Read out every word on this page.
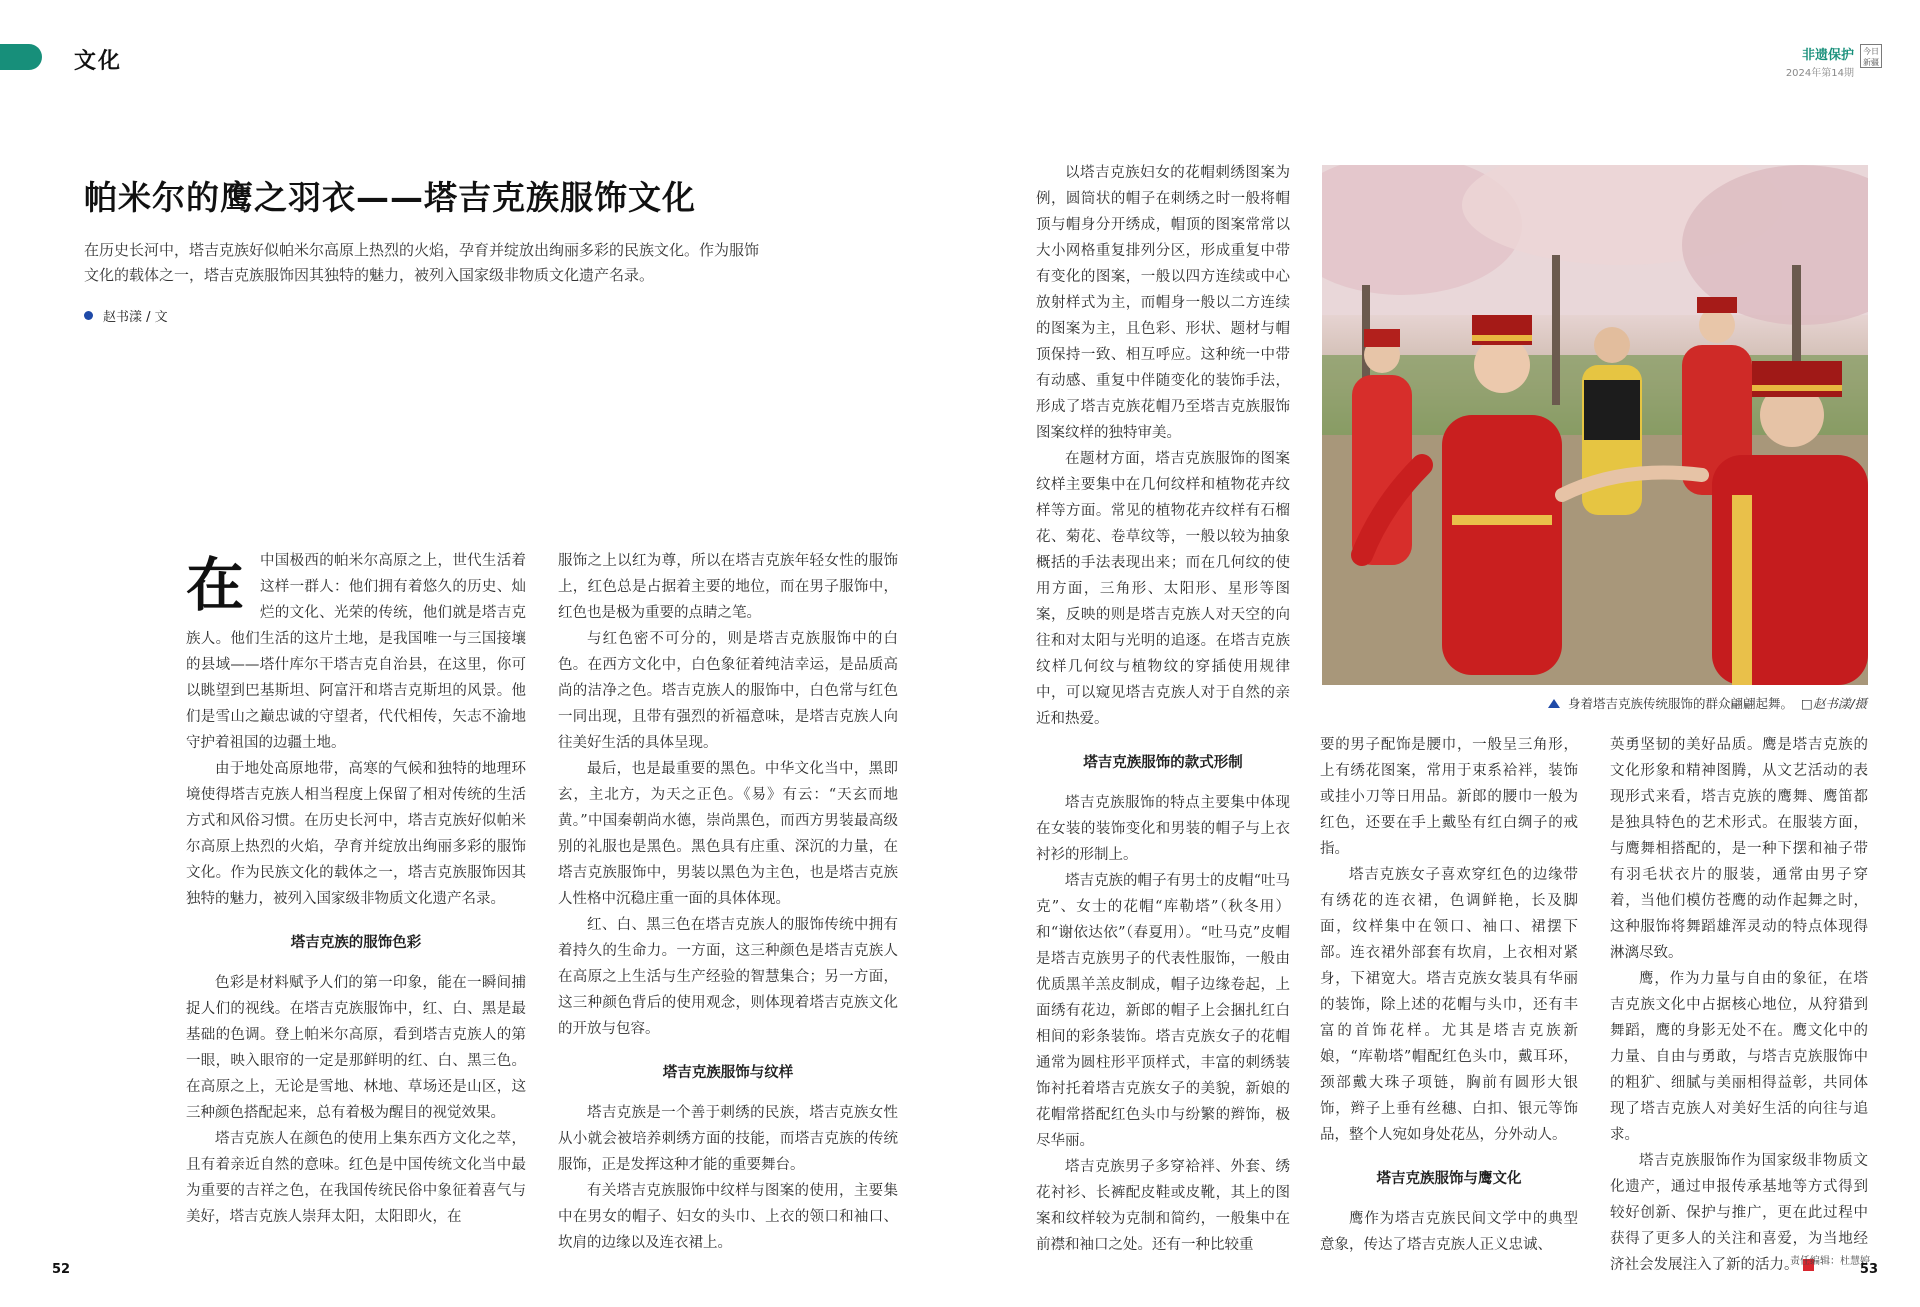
文化	非遗保护
2024年第14期
今日新疆
帕米尔的鹰之羽衣——塔吉克族服饰文化
在历史长河中，塔吉克族好似帕米尔高原上热烈的火焰，孕育并绽放出绚丽多彩的民族文化。作为服饰文化的载体之一，塔吉克族服饰因其独特的魅力，被列入国家级非物质文化遗产名录。
赵书漾 / 文
在	中国极西的帕米尔高原之上，世代生活着这样一群人：他们拥有着悠久的历史、灿烂的文化、光荣的传统，他们就是塔吉克族人。他们生活的这片土地，是我国唯一与三国接壤的县域——塔什库尔干塔吉克自治县，在这里，你可以眺望到巴基斯坦、阿富汗和塔吉克斯坦的风景。他们是雪山之巅忠诚的守望者，代代相传，矢志不渝地守护着祖国的边疆土地。

由于地处高原地带，高寒的气候和独特的地理环境使得塔吉克族人相当程度上保留了相对传统的生活方式和风俗习惯。在历史长河中，塔吉克族好似帕米尔高原上热烈的火焰，孕育并绽放出绚丽多彩的服饰文化。作为民族文化的载体之一，塔吉克族服饰因其独特的魅力，被列入国家级非物质文化遗产名录。

塔吉克族的服饰色彩

色彩是材料赋予人们的第一印象，能在一瞬间捕捉人们的视线。在塔吉克族服饰中，红、白、黑是最基础的色调。登上帕米尔高原，看到塔吉克族人的第一眼，映入眼帘的一定是那鲜明的红、白、黑三色。在高原之上，无论是雪地、林地、草场还是山区，这三种颜色搭配起来，总有着极为醒目的视觉效果。

塔吉克族人在颜色的使用上集东西方文化之萃，且有着亲近自然的意味。红色是中国传统文化当中最为重要的吉祥之色，在我国传统民俗中象征着喜气与美好，塔吉克族人崇拜太阳，太阳即火，在

服饰之上以红为尊，所以在塔吉克族年轻女性的服饰上，红色总是占据着主要的地位，而在男子服饰中，红色也是极为重要的点睛之笔。

与红色密不可分的，则是塔吉克族服饰中的白色。在西方文化中，白色象征着纯洁幸运，是品质高尚的洁净之色。塔吉克族人的服饰中，白色常与红色一同出现，且带有强烈的祈福意味，是塔吉克族人向往美好生活的具体呈现。

最后，也是最重要的黑色。中华文化当中，黑即玄，主北方，为天之正色。《易》有云：“天玄而地黄。”中国秦朝尚水德，崇尚黑色，而西方男装最高级别的礼服也是黑色。黑色具有庄重、深沉的力量，在塔吉克族服饰中，男装以黑色为主色，也是塔吉克族人性格中沉稳庄重一面的具体体现。

红、白、黑三色在塔吉克族人的服饰传统中拥有着持久的生命力。一方面，这三种颜色是塔吉克族人在高原之上生活与生产经验的智慧集合；另一方面，这三种颜色背后的使用观念，则体现着塔吉克族文化的开放与包容。

塔吉克族服饰与纹样

塔吉克族是一个善于刺绣的民族，塔吉克族女性从小就会被培养刺绣方面的技能，而塔吉克族的传统服饰，正是发挥这种才能的重要舞台。

有关塔吉克族服饰中纹样与图案的使用，主要集中在男女的帽子、妇女的头巾、上衣的领口和袖口、坎肩的边缘以及连衣裙上。

以塔吉克族妇女的花帽刺绣图案为例，圆筒状的帽子在刺绣之时一般将帽顶与帽身分开绣成，帽顶的图案常常以大小网格重复排列分区，形成重复中带有变化的图案，一般以四方连续或中心放射样式为主，而帽身一般以二方连续的图案为主，且色彩、形状、题材与帽顶保持一致、相互呼应。这种统一中带有动感、重复中伴随变化的装饰手法，形成了塔吉克族花帽乃至塔吉克族服饰图案纹样的独特审美。

在题材方面，塔吉克族服饰的图案纹样主要集中在几何纹样和植物花卉纹样等方面。常见的植物花卉纹样有石榴花、菊花、卷草纹等，一般以较为抽象概括的手法表现出来；而在几何纹的使用方面，三角形、太阳形、星形等图案，反映的则是塔吉克族人对天空的向往和对太阳与光明的追逐。在塔吉克族纹样几何纹与植物纹的穿插使用规律中，可以窥见塔吉克族人对于自然的亲近和热爱。

塔吉克族服饰的款式形制

塔吉克族服饰的特点主要集中体现在女装的装饰变化和男装的帽子与上衣衬衫的形制上。

塔吉克族的帽子有男士的皮帽“吐马克”、女士的花帽“库勒塔”（秋冬用）和“谢依达依”（春夏用）。“吐马克”皮帽是塔吉克族男子的代表性服饰，一般由优质黑羊羔皮制成，帽子边缘卷起，上面绣有花边，新郎的帽子上会捆扎红白相间的彩条装饰。塔吉克族女子的花帽通常为圆柱形平顶样式，丰富的刺绣装饰衬托着塔吉克族女子的美貌，新娘的花帽常搭配红色头巾与纷繁的辫饰，极尽华丽。

塔吉克族男子多穿袷袢、外套、绣花衬衫、长裤配皮鞋或皮靴，其上的图案和纹样较为克制和简约，一般集中在前襟和袖口之处。还有一种比较重

身着塔吉克族传统服饰的群众翩翩起舞。 □赵书漾/摄

要的男子配饰是腰巾，一般呈三角形，上有绣花图案，常用于束系袷袢，装饰或挂小刀等日用品。新郎的腰巾一般为红色，还要在手上戴坠有红白绸子的戒指。

塔吉克族女子喜欢穿红色的边缘带有绣花的连衣裙，色调鲜艳，长及脚面，纹样集中在领口、袖口、裙摆下部。连衣裙外部套有坎肩，上衣相对紧身，下裙宽大。塔吉克族女装具有华丽的装饰，除上述的花帽与头巾，还有丰富的首饰花样。尤其是塔吉克族新娘，“库勒塔”帽配红色头巾，戴耳环，颈部戴大珠子项链，胸前有圆形大银饰，辫子上垂有丝穗、白扣、银元等饰品，整个人宛如身处花丛，分外动人。

塔吉克族服饰与鹰文化

鹰作为塔吉克族民间文学中的典型意象，传达了塔吉克族人正义忠诚、

英勇坚韧的美好品质。鹰是塔吉克族的文化形象和精神图腾，从文艺活动的表现形式来看，塔吉克族的鹰舞、鹰笛都是独具特色的艺术形式。在服装方面，与鹰舞相搭配的，是一种下摆和袖子带有羽毛状衣片的服装，通常由男子穿着，当他们模仿苍鹰的动作起舞之时，这种服饰将舞蹈雄浑灵动的特点体现得淋漓尽致。

鹰，作为力量与自由的象征，在塔吉克族文化中占据核心地位，从狩猎到舞蹈，鹰的身影无处不在。鹰文化中的力量、自由与勇敢，与塔吉克族服饰中的粗犷、细腻与美丽相得益彰，共同体现了塔吉克族人对美好生活的向往与追求。

塔吉克族服饰作为国家级非物质文化遗产，通过申报传承基地等方式得到较好创新、保护与推广，更在此过程中获得了更多人的关注和喜爱，为当地经济社会发展注入了新的活力。

52
责任编辑：杜慧婷
53
